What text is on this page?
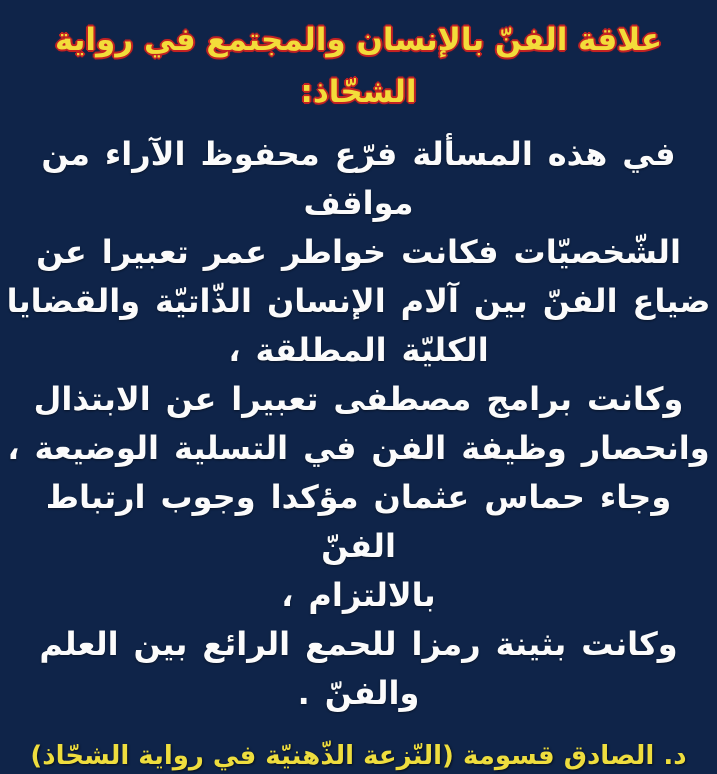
علاقة الفنّ بالإنسان والمجتمع في رواية الشحّاذ:
في هذه المسألة فرّع محفوظ الآراء من مواقف
الشّخصيّات فكانت خواطر عمر تعبيرا عن
ضياع الفنّ بين آلام الإنسان الذّاتيّة والقضايا
الكليّة المطلقة ،
وكانت برامج مصطفى تعبيرا عن الابتذال
وانحصار وظيفة الفن في التسلية الوضيعة ،
وجاء حماس عثمان مؤكدا وجوب ارتباط الفنّ
بالالتزام ،
وكانت بثينة رمزا للحمع الرائع بين العلم
والفنّ .
د. الصادق قسومة (النّزعة الذّهنيّة في رواية الشحّاذ)
